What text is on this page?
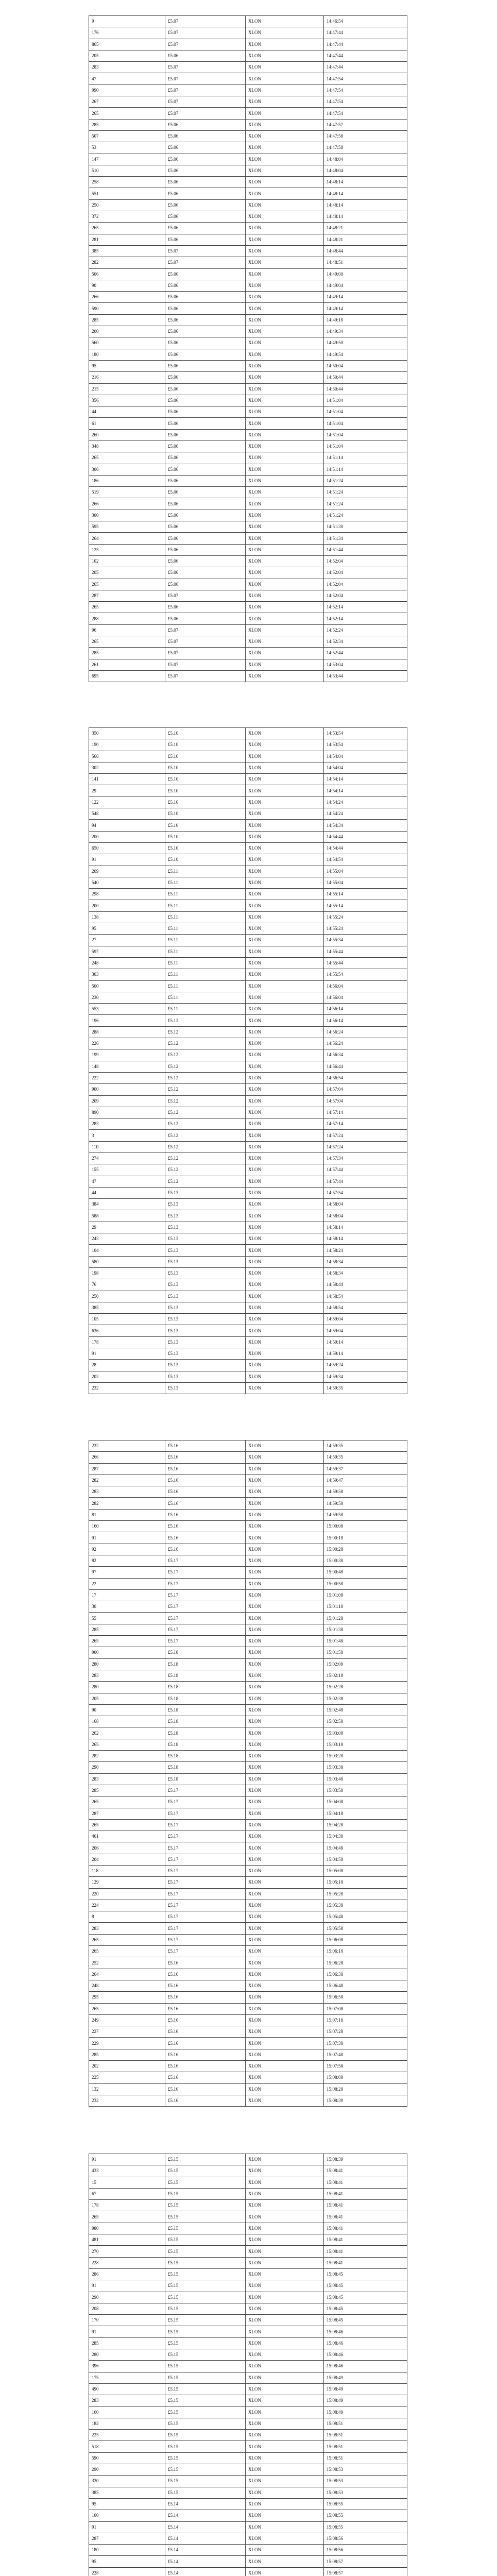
9	£5.07	XLON	14:46:54
176	£5.07	XLON	14:47:44
865	£5.07	XLON	14:47:44
205	£5.06	XLON	14:47:44
283	£5.07	XLON	14:47:44
47	£5.07	XLON	14:47:54
990	£5.07	XLON	14:47:54
267	£5.07	XLON	14:47:54
265	£5.07	XLON	14:47:54
285	£5.06	XLON	14:47:57
507	£5.06	XLON	14:47:58
53	£5.06	XLON	14:47:58
147	£5.06	XLON	14:48:04
510	£5.06	XLON	14:48:04
258	£5.06	XLON	14:48:14
551	£5.06	XLON	14:48:14
250	£5.06	XLON	14:48:14
372	£5.06	XLON	14:48:14
265	£5.06	XLON	14:48:21
281	£5.06	XLON	14:48:21
385	£5.07	XLON	14:48:44
282	£5.07	XLON	14:48:51
506	£5.06	XLON	14:49:00
90	£5.06	XLON	14:49:04
266	£5.06	XLON	14:49:14
590	£5.06	XLON	14:49:14
285	£5.06	XLON	14:49:18
200	£5.06	XLON	14:49:34
560	£5.06	XLON	14:49:50
180	£5.06	XLON	14:49:54
95	£5.06	XLON	14:50:04
216	£5.06	XLON	14:50:44
215	£5.06	XLON	14:50:44
356	£5.06	XLON	14:51:04
44	£5.06	XLON	14:51:04
61	£5.06	XLON	14:51:04
260	£5.06	XLON	14:51:04
348	£5.06	XLON	14:51:04
265	£5.06	XLON	14:51:14
306	£5.06	XLON	14:51:14
186	£5.06	XLON	14:51:24
519	£5.06	XLON	14:51:24
266	£5.06	XLON	14:51:24
300	£5.06	XLON	14:51:24
595	£5.06	XLON	14:51:30
264	£5.06	XLON	14:51:34
125	£5.06	XLON	14:51:44
102	£5.06	XLON	14:52:04
205	£5.06	XLON	14:52:04
265	£5.06	XLON	14:52:04
287	£5.07	XLON	14:52:04
265	£5.06	XLON	14:52:14
288	£5.06	XLON	14:52:14
96	£5.07	XLON	14:52:24
265	£5.07	XLON	14:52:34
285	£5.07	XLON	14:52:44
261	£5.07	XLON	14:53:04
695	£5.07	XLON	14:53:44
350	£5.10	XLON	14:53:54
190	£5.10	XLON	14:53:54
566	£5.10	XLON	14:54:04
302	£5.10	XLON	14:54:04
141	£5.10	XLON	14:54:14
29	£5.10	XLON	14:54:14
122	£5.10	XLON	14:54:24
548	£5.10	XLON	14:54:24
94	£5.10	XLON	14:54:34
200	£5.10	XLON	14:54:44
650	£5.10	XLON	14:54:44
91	£5.10	XLON	14:54:54
209	£5.11	XLON	14:55:04
540	£5.11	XLON	14:55:04
298	£5.11	XLON	14:55:14
200	£5.11	XLON	14:55:14
138	£5.11	XLON	14:55:24
95	£5.11	XLON	14:55:24
27	£5.11	XLON	14:55:34
597	£5.11	XLON	14:55:44
248	£5.11	XLON	14:55:44
303	£5.11	XLON	14:55:54
500	£5.11	XLON	14:56:04
230	£5.11	XLON	14:56:04
553	£5.11	XLON	14:56:14
196	£5.12	XLON	14:56:14
288	£5.12	XLON	14:56:24
226	£5.12	XLON	14:56:24
199	£5.12	XLON	14:56:34
148	£5.12	XLON	14:56:44
222	£5.12	XLON	14:56:54
900	£5.12	XLON	14:57:04
209	£5.12	XLON	14:57:04
890	£5.12	XLON	14:57:14
283	£5.12	XLON	14:57:14
3	£5.12	XLON	14:57:24
110	£5.12	XLON	14:57:24
274	£5.12	XLON	14:57:34
155	£5.12	XLON	14:57:44
47	£5.12	XLON	14:57:44
44	£5.13	XLON	14:57:54
384	£5.13	XLON	14:58:04
588	£5.13	XLON	14:58:04
29	£5.13	XLON	14:58:14
243	£5.13	XLON	14:58:14
104	£5.13	XLON	14:58:24
580	£5.13	XLON	14:58:34
198	£5.13	XLON	14:58:34
76	£5.13	XLON	14:58:44
250	£5.13	XLON	14:58:54
385	£5.13	XLON	14:58:54
105	£5.13	XLON	14:59:04
636	£5.13	XLON	14:59:04
178	£5.13	XLON	14:59:14
91	£5.13	XLON	14:59:14
28	£5.13	XLON	14:59:24
202	£5.13	XLON	14:59:34
232	£5.13	XLON	14:59:35
232	£5.16	XLON	14:59:35
266	£5.16	XLON	14:59:35
287	£5.16	XLON	14:59:37
282	£5.16	XLON	14:59:47
283	£5.16	XLON	14:59:58
282	£5.16	XLON	14:59:58
81	£5.16	XLON	14:59:58
160	£5.16	XLON	15:00:08
91	£5.16	XLON	15:00:18
92	£5.16	XLON	15:00:28
82	£5.17	XLON	15:00:38
97	£5.17	XLON	15:00:48
22	£5.17	XLON	15:00:58
17	£5.17	XLON	15:01:08
30	£5.17	XLON	15:01:18
55	£5.17	XLON	15:01:28
285	£5.17	XLON	15:01:38
265	£5.17	XLON	15:01:48
900	£5.18	XLON	15:01:58
280	£5.18	XLON	15:02:08
283	£5.18	XLON	15:02:18
280	£5.18	XLON	15:02:28
205	£5.18	XLON	15:02:38
90	£5.18	XLON	15:02:48
168	£5.18	XLON	15:02:58
262	£5.18	XLON	15:03:08
265	£5.18	XLON	15:03:18
282	£5.18	XLON	15:03:28
290	£5.18	XLON	15:03:38
283	£5.18	XLON	15:03:48
285	£5.17	XLON	15:03:58
265	£5.17	XLON	15:04:08
287	£5.17	XLON	15:04:18
265	£5.17	XLON	15:04:28
461	£5.17	XLON	15:04:38
206	£5.17	XLON	15:04:48
204	£5.17	XLON	15:04:58
118	£5.17	XLON	15:05:08
129	£5.17	XLON	15:05:18
220	£5.17	XLON	15:05:28
224	£5.17	XLON	15:05:38
8	£5.17	XLON	15:05:48
283	£5.17	XLON	15:05:58
265	£5.17	XLON	15:06:08
265	£5.17	XLON	15:06:18
252	£5.16	XLON	15:06:28
264	£5.16	XLON	15:06:38
248	£5.16	XLON	15:06:48
295	£5.16	XLON	15:06:58
265	£5.16	XLON	15:07:08
249	£5.16	XLON	15:07:18
227	£5.16	XLON	15:07:28
229	£5.16	XLON	15:07:38
285	£5.16	XLON	15:07:48
202	£5.16	XLON	15:07:58
225	£5.16	XLON	15:08:08
132	£5.16	XLON	15:08:28
232	£5.16	XLON	15:08:39
91	£5.15	XLON	15:08:39
433	£5.15	XLON	15:08:41
15	£5.15	XLON	15:08:41
67	£5.15	XLON	15:08:41
178	£5.15	XLON	15:08:41
265	£5.15	XLON	15:08:41
980	£5.15	XLON	15:08:41
481	£5.15	XLON	15:08:41
270	£5.15	XLON	15:08:41
228	£5.15	XLON	15:08:41
286	£5.15	XLON	15:08:45
91	£5.15	XLON	15:08:45
290	£5.15	XLON	15:08:45
208	£5.15	XLON	15:08:45
170	£5.15	XLON	15:08:45
91	£5.15	XLON	15:08:46
285	£5.15	XLON	15:08:46
280	£5.15	XLON	15:08:46
396	£5.15	XLON	15:08:46
175	£5.15	XLON	15:08:49
490	£5.15	XLON	15:08:49
283	£5.15	XLON	15:08:49
160	£5.15	XLON	15:08:49
182	£5.15	XLON	15:08:51
225	£5.15	XLON	15:08:51
518	£5.15	XLON	15:08:51
590	£5.15	XLON	15:08:51
290	£5.15	XLON	15:08:53
330	£5.15	XLON	15:08:53
385	£5.15	XLON	15:08:53
95	£5.14	XLON	15:08:55
100	£5.14	XLON	15:08:55
91	£5.14	XLON	15:08:55
287	£5.14	XLON	15:08:56
180	£5.14	XLON	15:08:56
95	£5.14	XLON	15:08:57
228	£5.14	XLON	15:08:57
